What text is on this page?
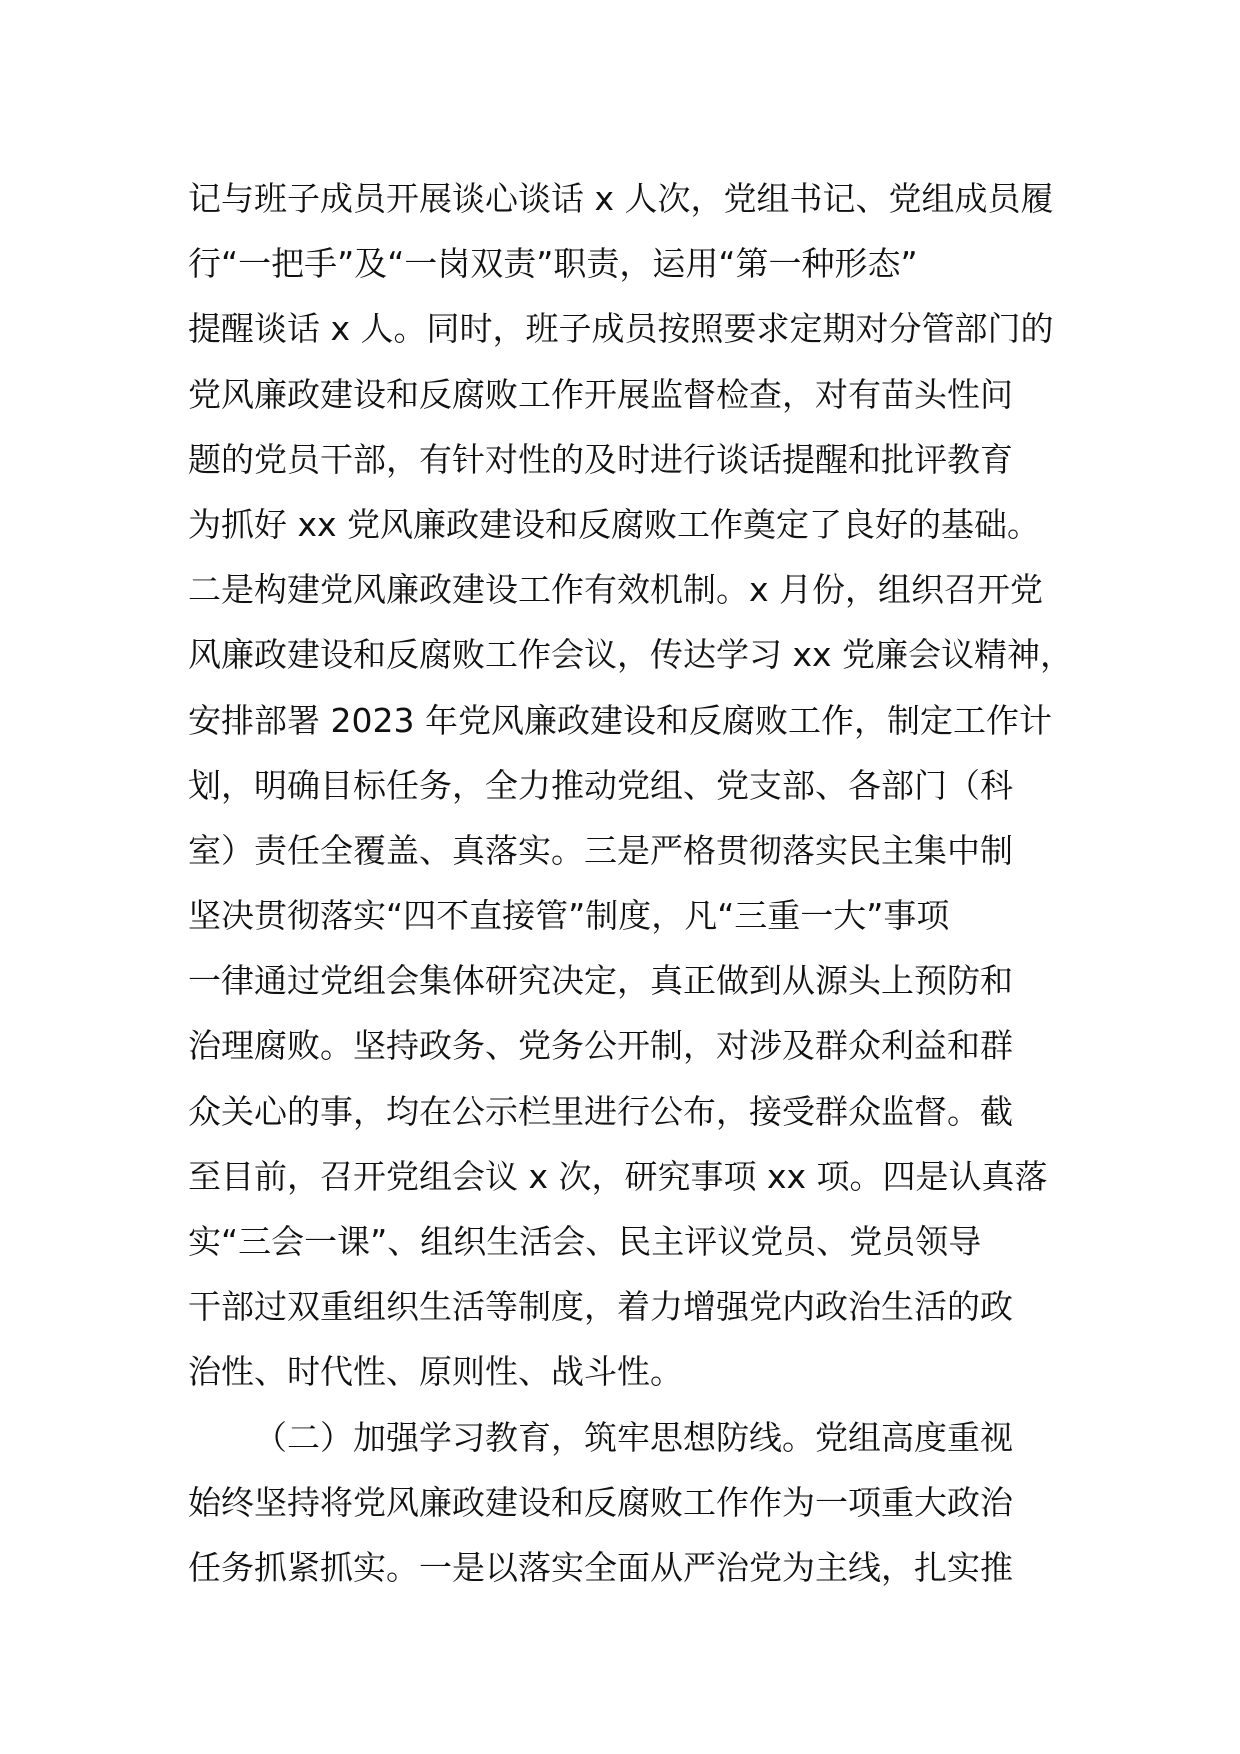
记与班子成员开展谈心谈话 x 人次，党组书记、党组成员履
行“一把手”及“一岗双责”职责，运用“第一种形态”
提醒谈话 x 人。同时，班子成员按照要求定期对分管部门的
党风廉政建设和反腐败工作开展监督检查，对有苗头性问
题的党员干部，有针对性的及时进行谈话提醒和批评教育
为抓好 xx 党风廉政建设和反腐败工作奠定了良好的基础。
二是构建党风廉政建设工作有效机制。x 月份，组织召开党
风廉政建设和反腐败工作会议，传达学习 xx 党廉会议精神，
安排部署 2023 年党风廉政建设和反腐败工作，制定工作计
划，明确目标任务，全力推动党组、党支部、各部门（科
室）责任全覆盖、真落实。三是严格贯彻落实民主集中制
坚决贯彻落实“四不直接管”制度，凡“三重一大”事项
一律通过党组会集体研究决定，真正做到从源头上预防和
治理腐败。坚持政务、党务公开制，对涉及群众利益和群
众关心的事，均在公示栏里进行公布，接受群众监督。截
至目前，召开党组会议 x 次，研究事项 xx 项。四是认真落
实“三会一课”、组织生活会、民主评议党员、党员领导
干部过双重组织生活等制度，着力增强党内政治生活的政
治性、时代性、原则性、战斗性。
（二）加强学习教育，筑牢思想防线。党组高度重视
始终坚持将党风廉政建设和反腐败工作作为一项重大政治
任务抓紧抓实。一是以落实全面从严治党为主线，扎实推
